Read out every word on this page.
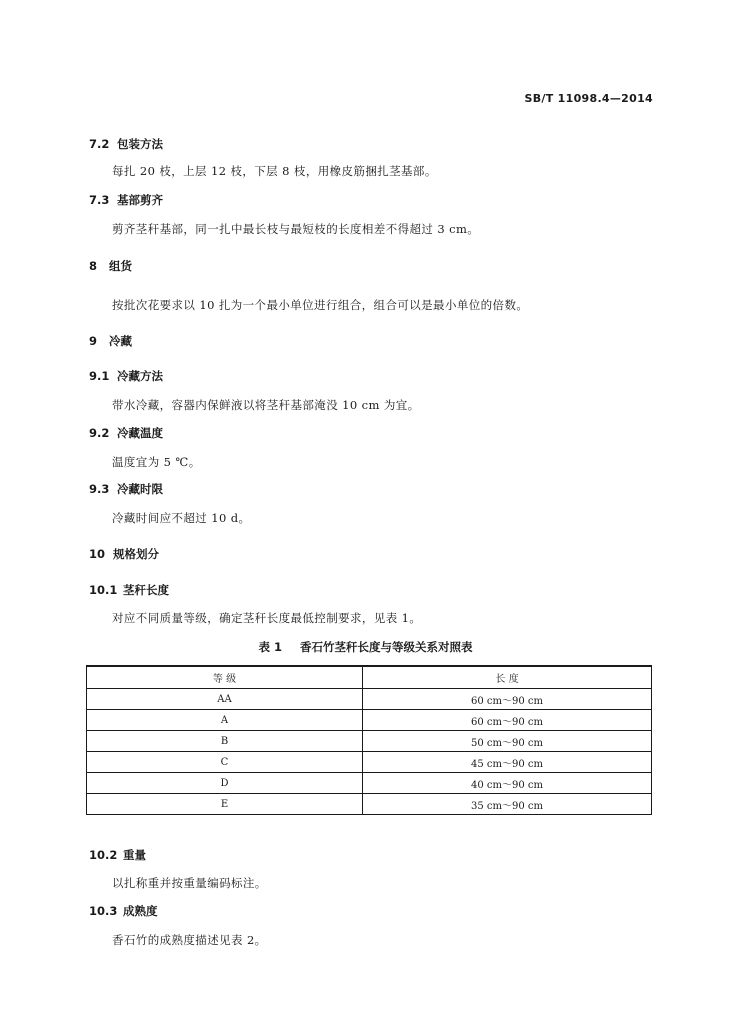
SB/T 11098.4—2014
7.2 包装方法
每扎 20 枝，上层 12 枝，下层 8 枝，用橡皮筋捆扎茎基部。
7.3 基部剪齐
剪齐茎秆基部，同一扎中最长枝与最短枝的长度相差不得超过 3 cm。
8 组货
按批次花要求以 10 扎为一个最小单位进行组合，组合可以是最小单位的倍数。
9 冷藏
9.1 冷藏方法
带水冷藏，容器内保鲜液以将茎秆基部淹没 10 cm 为宜。
9.2 冷藏温度
温度宜为 5 ℃。
9.3 冷藏时限
冷藏时间应不超过 10 d。
10 规格划分
10.1 茎秆长度
对应不同质量等级，确定茎秆长度最低控制要求，见表 1。
表 1 香石竹茎秆长度与等级关系对照表
等 级	长 度
AA	60 cm～90 cm
A	60 cm～90 cm
B	50 cm～90 cm
C	45 cm～90 cm
D	40 cm～90 cm
E	35 cm～90 cm
10.2 重量
以扎称重并按重量编码标注。
10.3 成熟度
香石竹的成熟度描述见表 2。
